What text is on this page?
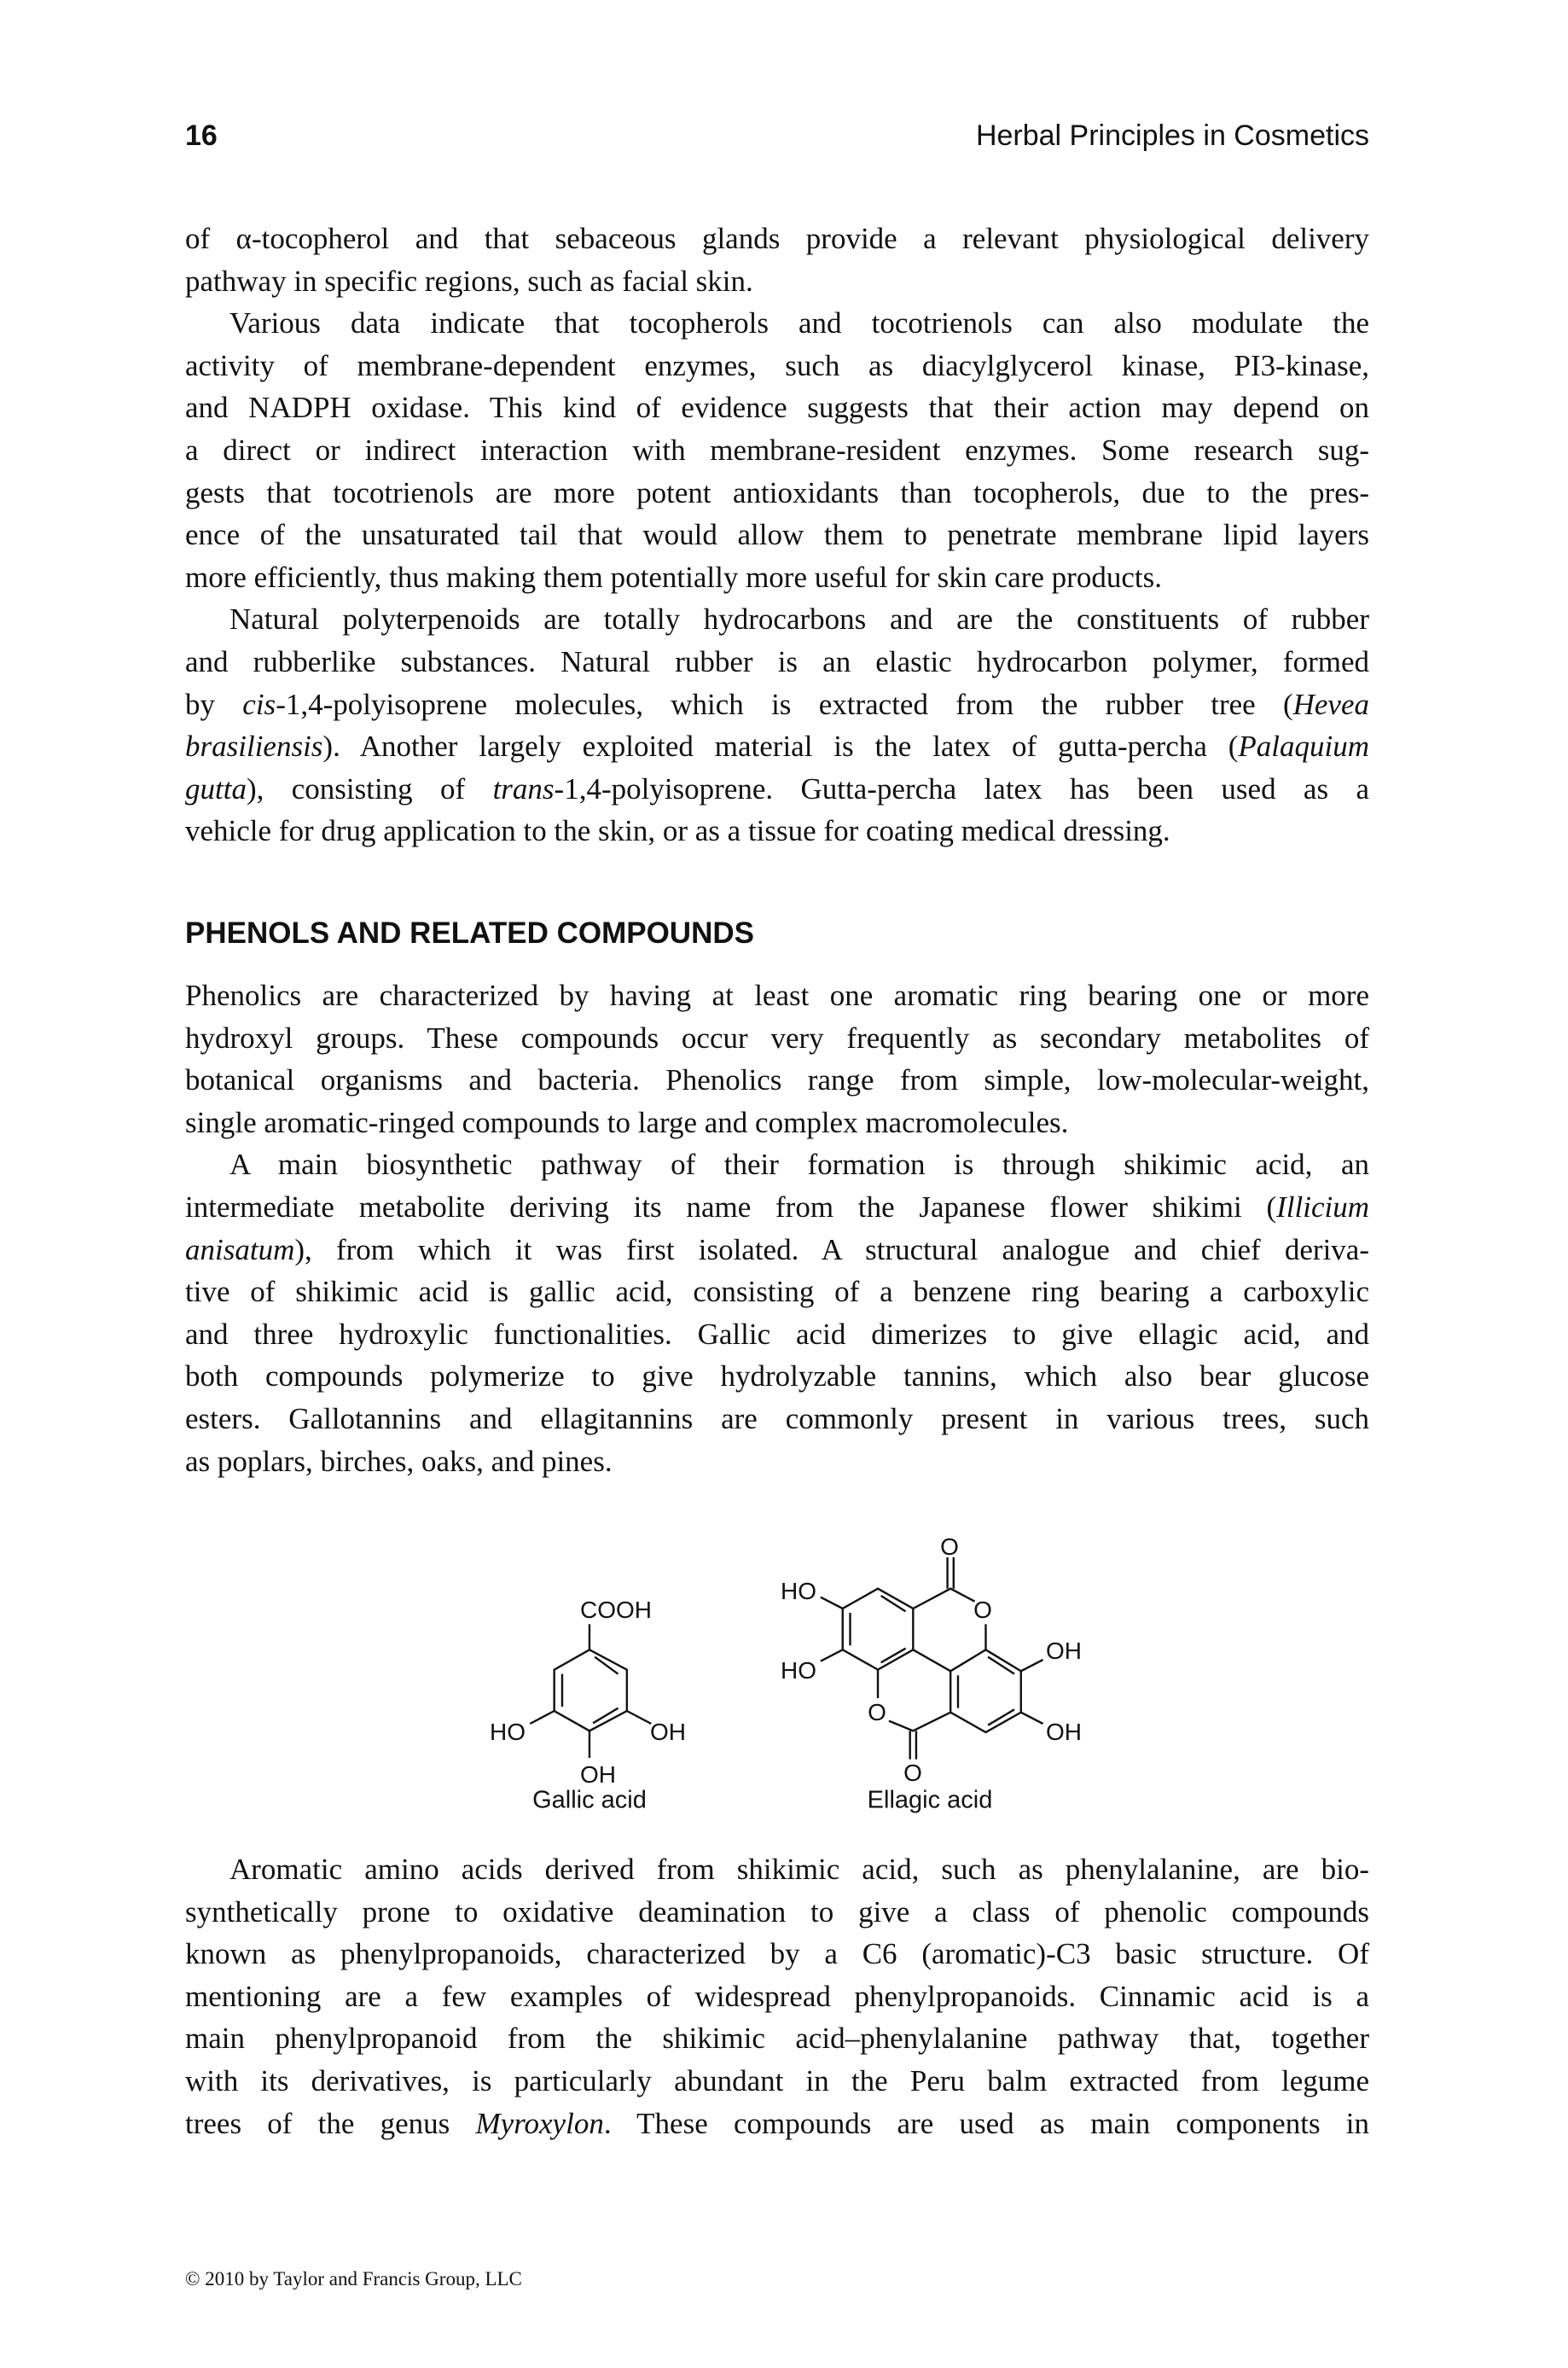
16	Herbal Principles in Cosmetics
of α-tocopherol and that sebaceous glands provide a relevant physiological delivery
pathway in specific regions, such as facial skin.
Various data indicate that tocopherols and tocotrienols can also modulate the
activity of membrane-dependent enzymes, such as diacylglycerol kinase, PI3-kinase,
and NADPH oxidase. This kind of evidence suggests that their action may depend on
a direct or indirect interaction with membrane-resident enzymes. Some research sug-
gests that tocotrienols are more potent antioxidants than tocopherols, due to the pres-
ence of the unsaturated tail that would allow them to penetrate membrane lipid layers
more efficiently, thus making them potentially more useful for skin care products.
Natural polyterpenoids are totally hydrocarbons and are the constituents of rubber
and rubberlike substances. Natural rubber is an elastic hydrocarbon polymer, formed
by cis-1,4-polyisoprene molecules, which is extracted from the rubber tree (Hevea
brasiliensis). Another largely exploited material is the latex of gutta-percha (Palaquium
gutta), consisting of trans-1,4-polyisoprene. Gutta-percha latex has been used as a
vehicle for drug application to the skin, or as a tissue for coating medical dressing.
PHENOLS AND RELATED COMPOUNDS
Phenolics are characterized by having at least one aromatic ring bearing one or more
hydroxyl groups. These compounds occur very frequently as secondary metabolites of
botanical organisms and bacteria. Phenolics range from simple, low-molecular-weight,
single aromatic-ringed compounds to large and complex macromolecules.
A main biosynthetic pathway of their formation is through shikimic acid, an
intermediate metabolite deriving its name from the Japanese flower shikimi (Illicium
anisatum), from which it was first isolated. A structural analogue and chief deriva-
tive of shikimic acid is gallic acid, consisting of a benzene ring bearing a carboxylic
and three hydroxylic functionalities. Gallic acid dimerizes to give ellagic acid, and
both compounds polymerize to give hydrolyzable tannins, which also bear glucose
esters. Gallotannins and ellagitannins are commonly present in various trees, such
as poplars, birches, oaks, and pines.
COOH
HO	OH
OH
Gallic acid
O
HO
O
OH
HO
O
OH
O
Ellagic acid
Aromatic amino acids derived from shikimic acid, such as phenylalanine, are bio-
synthetically prone to oxidative deamination to give a class of phenolic compounds
known as phenylpropanoids, characterized by a C6 (aromatic)-C3 basic structure. Of
mentioning are a few examples of widespread phenylpropanoids. Cinnamic acid is a
main phenylpropanoid from the shikimic acid–phenylalanine pathway that, together
with its derivatives, is particularly abundant in the Peru balm extracted from legume
trees of the genus Myroxylon. These compounds are used as main components in
© 2010 by Taylor and Francis Group, LLC
